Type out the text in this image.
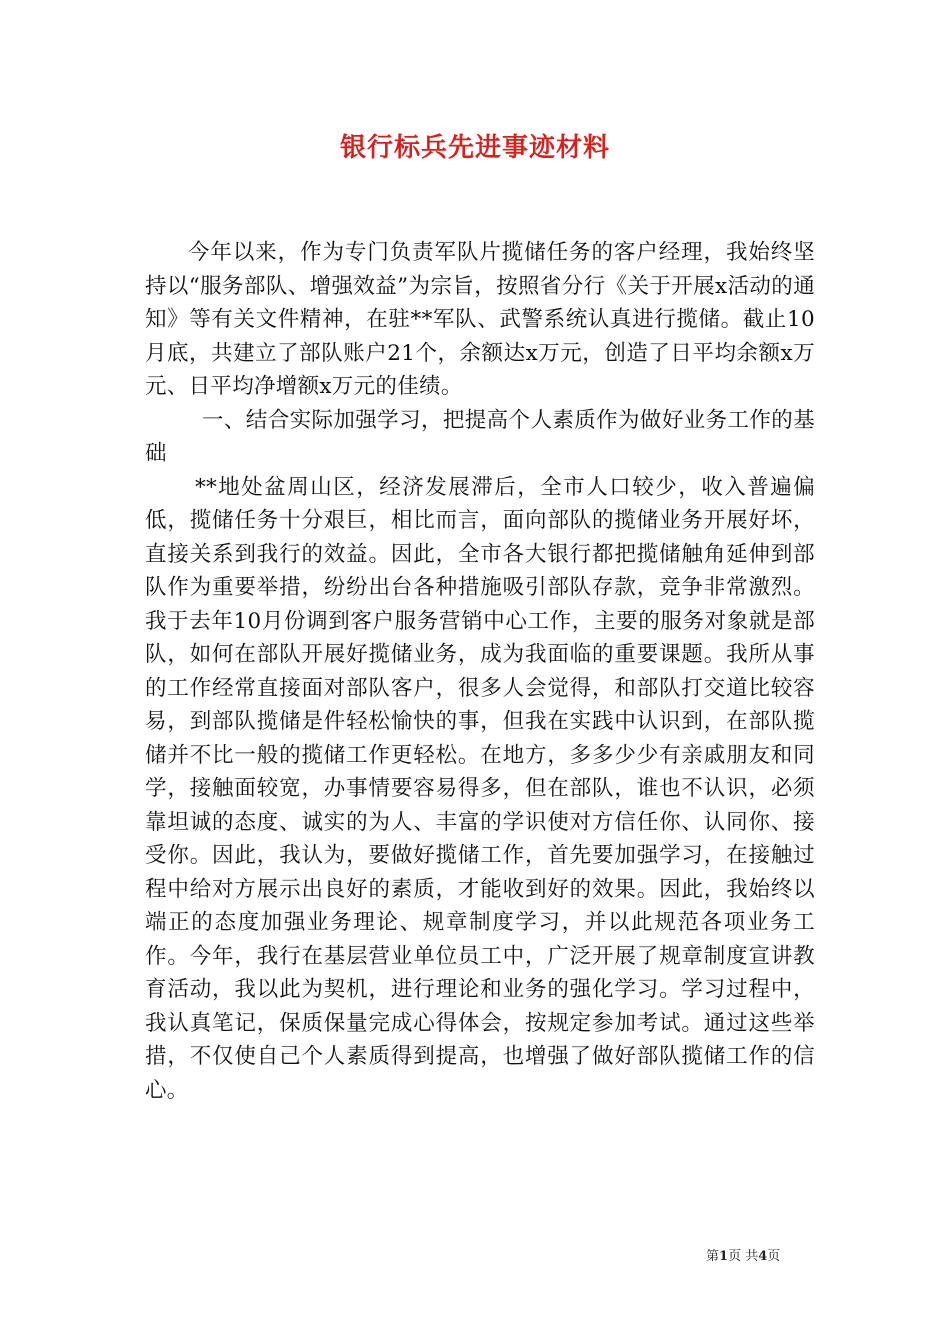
银行标兵先进事迹材料

今年以来，作为专门负责军队片揽储任务的客户经理，我始终坚持以“服务部队、增强效益”为宗旨，按照省分行《关于开展x活动的通知》等有关文件精神，在驻**军队、武警系统认真进行揽储。截止10月底，共建立了部队账户21个，余额达x万元，创造了日平均余额x万元、日平均净增额x万元的佳绩。

一、结合实际加强学习，把提高个人素质作为做好业务工作的基础

**地处盆周山区，经济发展滞后，全市人口较少，收入普遍偏低，揽储任务十分艰巨，相比而言，面向部队的揽储业务开展好坏，直接关系到我行的效益。因此，全市各大银行都把揽储触角延伸到部队作为重要举措，纷纷出台各种措施吸引部队存款，竞争非常激烈。我于去年10月份调到客户服务营销中心工作，主要的服务对象就是部队，如何在部队开展好揽储业务，成为我面临的重要课题。我所从事的工作经常直接面对部队客户，很多人会觉得，和部队打交道比较容易，到部队揽储是件轻松愉快的事，但我在实践中认识到，在部队揽储并不比一般的揽储工作更轻松。在地方，多多少少有亲戚朋友和同学，接触面较宽，办事情要容易得多，但在部队，谁也不认识，必须靠坦诚的态度、诚实的为人、丰富的学识使对方信任你、认同你、接受你。因此，我认为，要做好揽储工作，首先要加强学习，在接触过程中给对方展示出良好的素质，才能收到好的效果。因此，我始终以端正的态度加强业务理论、规章制度学习，并以此规范各项业务工作。今年，我行在基层营业单位员工中，广泛开展了规章制度宣讲教育活动，我以此为契机，进行理论和业务的强化学习。学习过程中，我认真笔记，保质保量完成心得体会，按规定参加考试。通过这些举措，不仅使自己个人素质得到提高，也增强了做好部队揽储工作的信心。

第1页 共4页
